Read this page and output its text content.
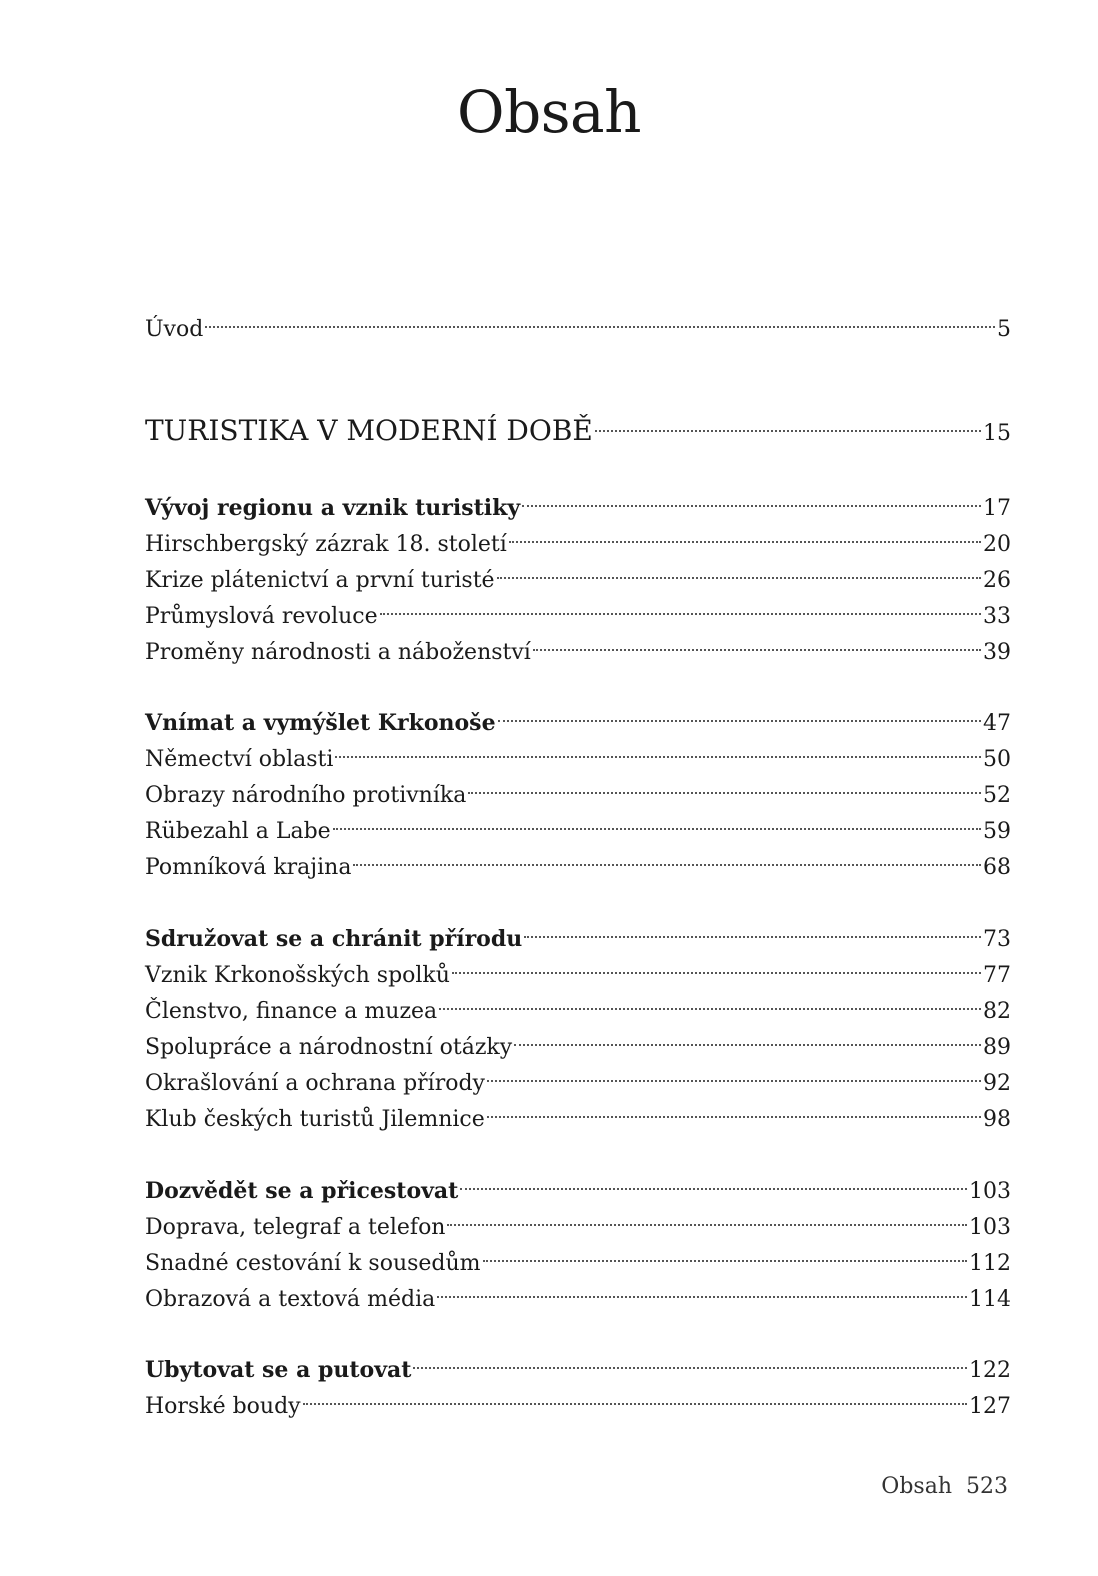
Obsah
Úvod	5
TURISTIKA V MODERNÍ DOBĚ	15
Vývoj regionu a vznik turistiky	17
Hirschbergský zázrak 18. století	20
Krize plátenictví a první turisté	26
Průmyslová revoluce	33
Proměny národnosti a náboženství	39
Vnímat a vymýšlet Krkonoše	47
Němectví oblasti	50
Obrazy národního protivníka	52
Rübezahl a Labe	59
Pomníková krajina	68
Sdružovat se a chránit přírodu	73
Vznik Krkonošských spolků	77
Členstvo, finance a muzea	82
Spolupráce a národnostní otázky	89
Okrašlování a ochrana přírody	92
Klub českých turistů Jilemnice	98
Dozvědět se a přicestovat	103
Doprava, telegraf a telefon	103
Snadné cestování k sousedům	112
Obrazová a textová média	114
Ubytovat se a putovat	122
Horské boudy	127
Obsah 523
